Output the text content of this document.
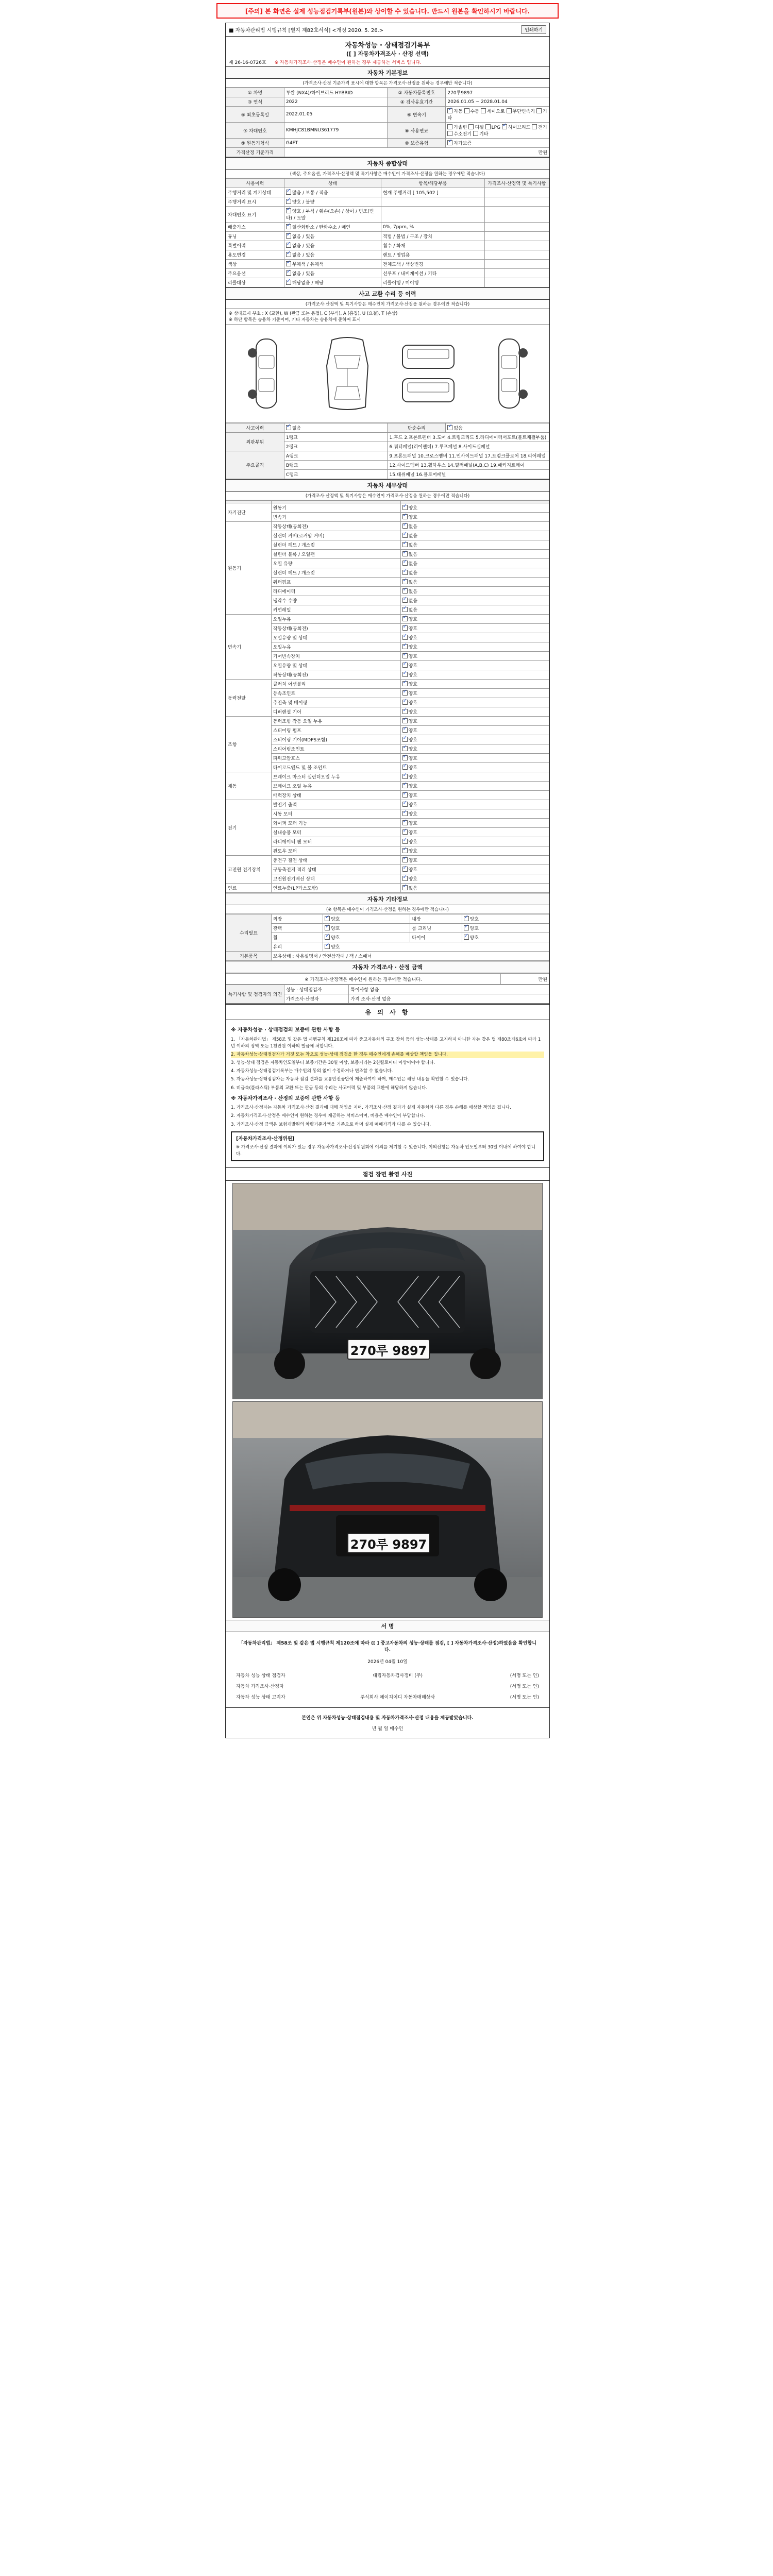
[주의] 본 화면은 실제 성능점검기록부(원본)와 상이할 수 있습니다. 반드시 원본을 확인하시기 바랍니다.
■ 자동차관리법 시행규칙 [별지 제82호서식] <개정 2020. 5. 26.>	인쇄하기
자동차성능 · 상태점검기록부
([ ] 자동차가격조사 · 산정 선택)
제 26-16-0726호 ※ 자동차가격조사·산정은 매수인이 원하는 경우 제공하는 서비스 입니다.
자동차 기본정보
(가격조사·산정 기준가격 표시에 대한 항목은 가격조사·산정을 원하는 경우에만 적습니다)
① 차명	투싼 (NX4)/하이브리드 HYBRID	② 자동차등록번호	270루9897
③ 연식	2022	④ 검사유효기간	2026.01.05 ~ 2028.01.04
⑤ 최초등록일	2022.01.05	⑥ 변속기	✓자동 수동 세미오토 무단변속기 기타
⑦ 차대번호	KMHJC81BMNU361779	⑧ 사용연료	가솔린 디젤 LPG ✓ 하이브리드 전기 수소전기 기타
⑨ 원동기형식	G4FT	⑩ 보증유형	✓자가보증
가격산정 기준가격	만원		
자동차 종합상태
(색상, 주요옵션, 가격조사·산정액 및 특기사항은 매수인이 가격조사·산정을 원하는 경우에만 적습니다)
사용이력	상태	항목/해당부품	가격조사·산정액 및 특기사항
주행거리 및 계기상태	✓많음 / 보통 / 적음	현재 주행거리 [ 105,502 ]	
주행거리 표시	✓양호 / 불량		
차대번호 표기	✓양호 / 부식 / 훼손(오손) / 상이 / 변조(변타) / 도말		
배출가스	✓일산화탄소 / 탄화수소 / 매연	0%, 7ppm, %	
튜닝	✓없음 / 있음	적법 / 불법 / 구조 / 장치	
특별이력	✓없음 / 있음	침수 / 화재	
용도변경	✓없음 / 있음	렌트 / 영업용	
색상	✓무채색 / 유채색	전체도색 / 색상변경	
주요옵션	✓없음 / 있음	선루프 / 내비게이션 / 기타	
리콜대상	✓해당없음 / 해당	리콜이행 / 미이행	
사고 교환 수리 등 이력
(가격조사·산정액 및 특기사항은 매수인이 가격조사·산정을 원하는 경우에만 적습니다)
※ 상태표시 부호 : X (교환), W (판금 또는 용접), C (부식), A (흠집), U (요철), T (손상)
※ 하단 항목은 승용차 기준이며, 기타 자동차는 승용차에 준하여 표시
사고이력	✓없음	단순수리	✓없음
외판부위	1랭크	1.후드 2.프론트펜더 3.도어 4.트렁크리드 5.라디에이터서포트(볼트체결부품)	
	2랭크	6.쿼터패널(리어펜더) 7.루프패널 8.사이드실패널	
주요골격	A랭크	9.프론트패널 10.크로스멤버 11.인사이드패널 17.트렁크플로어 18.리어패널	
	B랭크	12.사이드멤버 13.휠하우스 14.필러패널(A,B,C) 19.패키지트레이	
	C랭크	15.대쉬패널 16.플로어패널	
자동차 세부상태
(가격조사·산정액 및 특기사항은 매수인이 가격조사·산정을 원하는 경우에만 적습니다)

자기진단	원동기	✓양호
	변속기	✓양호
원동기	작동상태(공회전)	✓없음
	실린더 커버(로커암 커버)	✓없음
	실린더 헤드 / 개스킷	✓없음
	실린더 블록 / 오일팬	✓없음
	오일 유량	✓없음
	실린더 헤드 / 개스킷	✓없음
	워터펌프	✓없음
	라디에이터	✓없음
	냉각수 수량	✓없음
	커먼레일	✓없음
변속기	오일누유	✓양호
	작동상태(공회전)	✓양호
	오일유량 및 상태	✓양호
	오일누유	✓양호
	기어변속장치	✓양호
	오일유량 및 상태	✓양호
	작동상태(공회전)	✓양호
동력전달	클러치 어셈블리	✓양호
	등속조인트	✓양호
	추진축 및 베어링	✓양호
	디퍼렌셜 기어	✓양호
조향	동력조향 작동 오일 누유	✓양호
	스티어링 펌프	✓양호
	스티어링 기어(MDPS포함)	✓양호
	스티어링조인트	✓양호
	파워고압호스	✓양호
	타이로드엔드 및 볼 조인트	✓양호
제동	브레이크 마스터 실린더오일 누유	✓양호
	브레이크 오일 누유	✓양호
	배력장치 상태	✓양호
전기	발전기 출력	✓양호
	시동 모터	✓양호
	와이퍼 모터 기능	✓양호
	실내송풍 모터	✓양호
	라디에이터 팬 모터	✓양호
	윈도우 모터	✓양호
고전원 전기장치	충전구 절연 상태	✓양호
	구동축전지 격리 상태	✓양호
	고전원전기배선 상태	✓양호
연료	연료누출(LP가스포함)	✓없음
자동차 기타정보
(※ 항목은 매수인이 가격조사·산정을 원하는 경우에만 적습니다)
수리필요	외장	✓양호	내장	✓양호
	광택	✓양호	룸 크리닝	✓양호
	휠	✓양호	타이어	✓양호
	유리	✓양호
기본품목	보유상태 : 사용설명서 / 안전삼각대 / 잭 / 스패너			
자동차 가격조사 · 산정 금액
※ 가격조사·산정액은 매수인이 원하는 경우에만 적습니다.	만원
특기사항 및 점검자의 의견	성능 · 상태점검자	특이사항 없음
	가격조사·산정자	가격 조사·산정 없음
유 의 사 항
※ 자동차성능 · 상태점검의 보증에 관한 사항 등

1. 「자동차관리법」 제58조 및 같은 법 시행규칙 제120조에 따라 중고자동차의 구조·장치 등의 성능·상태를 고지하지 아니한 자는 같은 법 제80조제6호에 따라 1년 이하의 징역 또는 1천만원 이하의 벌금에 처합니다.

2. 자동차성능·상태점검자가 거짓 또는 착오로 성능·상태 점검을 한 경우 매수인에게 손해를 배상할 책임을 집니다.

3. 성능·상태 점검은 자동차인도일부터 보증기간은 30일 이상, 보증거리는 2천킬로미터 이상이어야 합니다.

4. 자동차성능·상태점검기록부는 매수인의 동의 없이 수정하거나 변조할 수 없습니다.

5. 자동차성능·상태점검자는 자동차 점검 결과를 교통안전공단에 제출하여야 하며, 매수인은 해당 내용을 확인할 수 있습니다.

6. 비금속(플라스틱) 부품의 교환 또는 판금 등의 수리는 사고이력 및 부품의 교환에 해당하지 않습니다.

※ 자동차가격조사 · 산정의 보증에 관한 사항 등

1. 가격조사·산정자는 자동차 가격조사·산정 결과에 대해 책임을 지며, 가격조사·산정 결과가 실제 자동차와 다른 경우 손해를 배상할 책임을 집니다.

2. 자동차가격조사·산정은 매수인이 원하는 경우에 제공하는 서비스이며, 비용은 매수인이 부담합니다.

3. 가격조사·산정 금액은 보험개발원의 차량기준가액을 기준으로 하며 실제 매매가격과 다를 수 있습니다.

[자동차가격조사·산정위원]
※ 가격조사·산정 결과에 이의가 있는 경우 자동차가격조사·산정위원회에 이의를 제기할 수 있습니다. 이의신청은 자동차 인도일부터 30일 이내에 하여야 합니다.
점검 장면 촬영 사진
270루 9897
270루 9897
서 명

「자동차관리법」 제58조 및 같은 법 시행규칙 제120조에 따라 ([ ] 중고자동차의 성능·상태를 점검, [ ] 자동차가격조사·산정)하였음을 확인합니다.

2026년 04월 10일

자동차 성능 상태 점검자	대림자동차검사정비 (주)	(서명 또는 인)
자동차 가격조사·산정자	(서명 또는 인)
자동차 성능 상태 고지자	주식회사 에이치이디 자동차매매상사	(서명 또는 인)
본인은 위 자동차성능·상태점검내용 및 자동차가격조사·산정 내용을 제공받았습니다.
년 월 일 매수인
